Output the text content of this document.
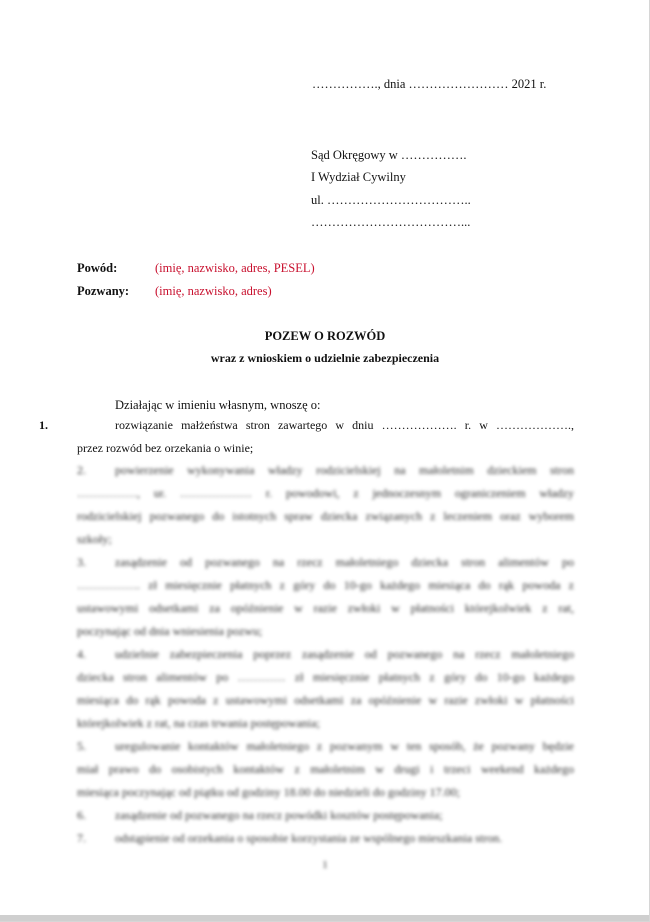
……………., dnia …………………… 2021 r.

Sąd Okręgowy w …………….

I Wydział Cywilny

ul. ……………………………..

………………………………...

Powód:	(imię, nazwisko, adres, PESEL)

Pozwany: (imię, nazwisko, adres)

POZEW O ROZWÓD

wraz z wnioskiem o udzielnie zabezpieczenia

Działając w imieniu własnym, wnoszę o:

1.	rozwiązanie małżeństwa stron zawartego w dniu ………………. r. w ……………….,
przez rozwód bez orzekania o winie;
2. powierzenie wykonywania władzy rodzicielskiej na małoletnim dzieckiem stron
……………, ur. ……………… r. powodowi, z jednoczesnym ograniczeniem władzy
rodzicielskiej pozwanego do istotnych spraw dziecka związanych z leczeniem oraz wyborem
szkoły;
3. zasądzenie od pozwanego na rzecz małoletniego dziecka stron alimentów po
……………. zł miesięcznie płatnych z góry do 10-go każdego miesiąca do rąk powoda z
ustawowymi odsetkami za opóźnienie w razie zwłoki w płatności którejkolwiek z rat,
poczynając od dnia wniesienia pozwu;
4. udzielnie zabezpieczenia poprzez zasądzenie od pozwanego na rzecz małoletniego
dziecka stron alimentów po ………… zł miesięcznie płatnych z góry do 10-go każdego
miesiąca do rąk powoda z ustawowymi odsetkami za opóźnienie w razie zwłoki w płatności
którejkolwiek z rat, na czas trwania postępowania;
5. uregulowanie kontaktów małoletniego z pozwanym w ten sposób, że pozwany będzie
miał prawo do osobistych kontaktów z małoletnim w drugi i trzeci weekend każdego
miesiąca poczynając od piątku od godziny 18.00 do niedzieli do godziny 17.00;
6. zasądzenie od pozwanego na rzecz powódki kosztów postępowania;
7. odstąpienie od orzekania o sposobie korzystania ze wspólnego mieszkania stron.

1
